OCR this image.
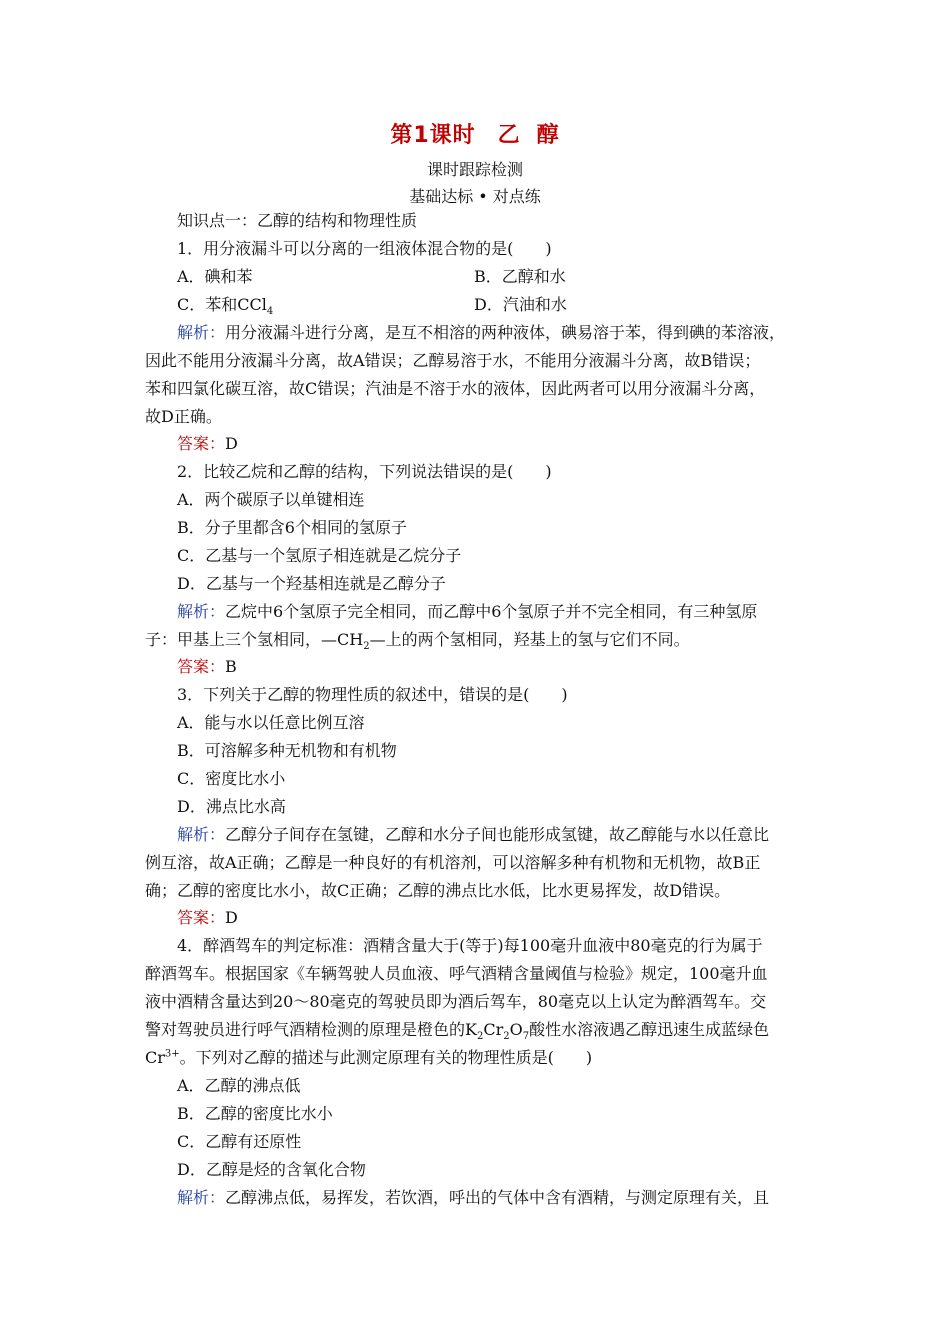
第1课时 乙 醇
课时跟踪检测
基础达标 • 对点练
知识点一：乙醇的结构和物理性质
1．用分液漏斗可以分离的一组液体混合物的是(　　)
A．碘和苯	B．乙醇和水
C．苯和CCl$_4$	D．汽油和水
解析：用分液漏斗进行分离，是互不相溶的两种液体，碘易溶于苯，得到碘的苯溶液，
因此不能用分液漏斗分离，故A错误；乙醇易溶于水，不能用分液漏斗分离，故B错误；
苯和四氯化碳互溶，故C错误；汽油是不溶于水的液体，因此两者可以用分液漏斗分离，
故D正确。
答案：D
2．比较乙烷和乙醇的结构，下列说法错误的是(　　)
A．两个碳原子以单键相连
B．分子里都含6个相同的氢原子
C．乙基与一个氢原子相连就是乙烷分子
D．乙基与一个羟基相连就是乙醇分子
解析：乙烷中6个氢原子完全相同，而乙醇中6个氢原子并不完全相同，有三种氢原
子：甲基上三个氢相同，$—CH_2—$上的两个氢相同，羟基上的氢与它们不同。
答案：B
3．下列关于乙醇的物理性质的叙述中，错误的是(　　)
A．能与水以任意比例互溶
B．可溶解多种无机物和有机物
C．密度比水小
D．沸点比水高
解析：乙醇分子间存在氢键，乙醇和水分子间也能形成氢键，故乙醇能与水以任意比
例互溶，故A正确；乙醇是一种良好的有机溶剂，可以溶解多种有机物和无机物，故B正
确；乙醇的密度比水小，故C正确；乙醇的沸点比水低，比水更易挥发，故D错误。
答案：D
4．醉酒驾车的判定标准：酒精含量大于(等于)每100毫升血液中80毫克的行为属于
醉酒驾车。根据国家《车辆驾驶人员血液、呼气酒精含量阈值与检验》规定，100毫升血
液中酒精含量达到20～80毫克的驾驶员即为酒后驾车，80毫克以上认定为醉酒驾车。交
警对驾驶员进行呼气酒精检测的原理是橙色的$K_2Cr_2O_7$酸性水溶液遇乙醇迅速生成蓝绿色
$Cr^{3+}$。下列对乙醇的描述与此测定原理有关的物理性质是(　　)
A．乙醇的沸点低
B．乙醇的密度比水小
C．乙醇有还原性
D．乙醇是烃的含氧化合物
解析：乙醇沸点低，易挥发，若饮酒，呼出的气体中含有酒精，与测定原理有关，且
